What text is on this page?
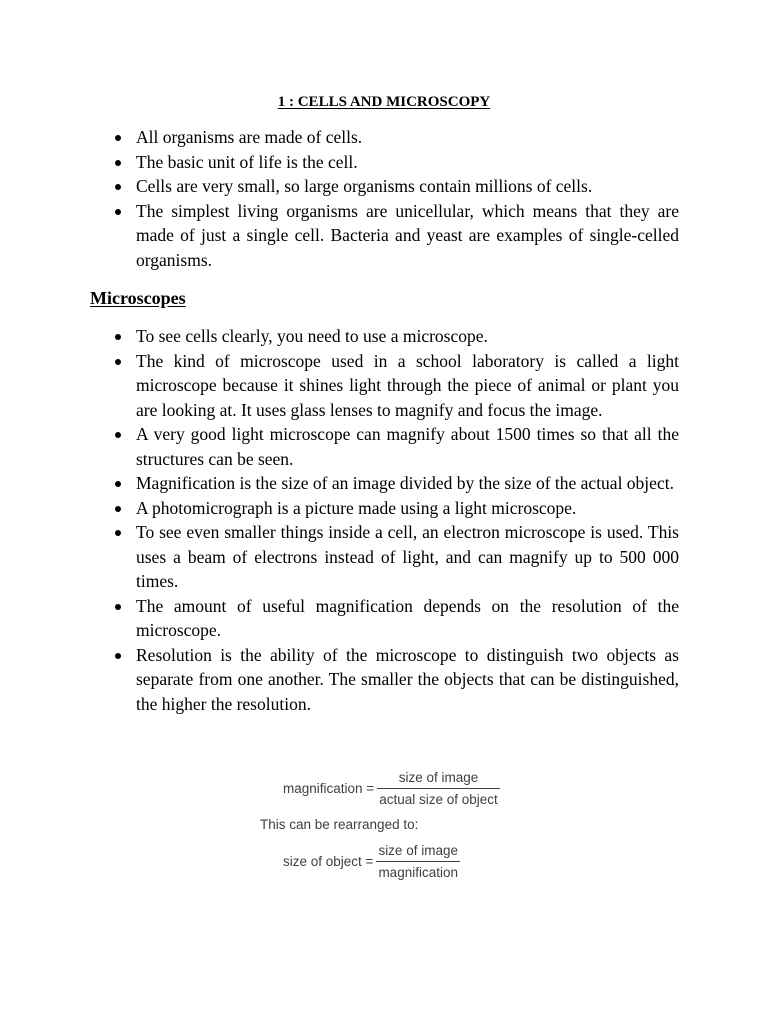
1 : CELLS AND MICROSCOPY
All organisms are made of cells.
The basic unit of life is the cell.
Cells are very small, so large organisms contain millions of cells.
The simplest living organisms are unicellular, which means that they are made of just a single cell. Bacteria and yeast are examples of single-celled organisms.
Microscopes
To see cells clearly, you need to use a microscope.
The kind of microscope used in a school laboratory is called a light microscope because it shines light through the piece of animal or plant you are looking at. It uses glass lenses to magnify and focus the image.
A very good light microscope can magnify about 1500 times so that all the structures can be seen.
Magnification is the size of an image divided by the size of the actual object.
A photomicrograph is a picture made using a light microscope.
To see even smaller things inside a cell, an electron microscope is used. This uses a beam of electrons instead of light, and can magnify up to 500 000 times.
The amount of useful magnification depends on the resolution of the microscope.
Resolution is the ability of the microscope to distinguish two objects as separate from one another. The smaller the objects that can be distinguished, the higher the resolution.
magnification = $\frac{\text{size of image}}{\text{actual size of object}}$
This can be rearranged to:
size of object = $\frac{\text{size of image}}{\text{magnification}}$
